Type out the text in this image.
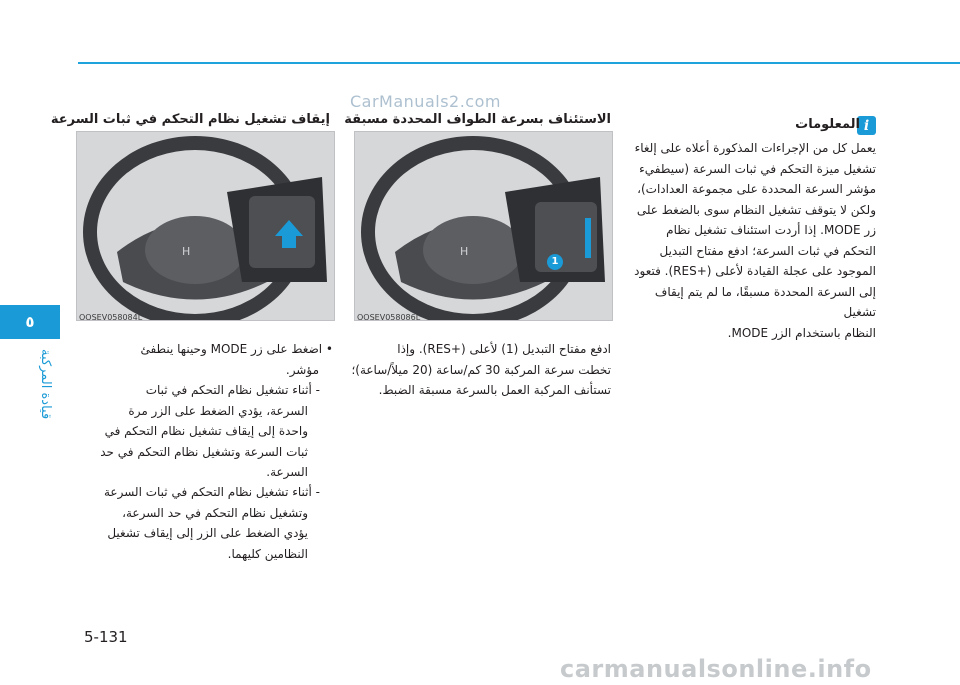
٥
قيادة المركبة
CarManuals2.com
i
المعلومات
الاستئناف بسرعة الطواف المحددة مسبقة
إيقاف تشغيل نظام التحكم في ثبات السرعة
H
OOSEV058084L
H
1
OOSEV058086L

يعمل كل من الإجراءات المذكورة أعلاه على إلغاء

تشغيل ميزة التحكم في ثبات السرعة (سيطفيء

مؤشر السرعة المحددة على مجموعة العدادات)،

ولكن لا يتوقف تشغيل النظام سوى بالضغط على

زر MODE. إذا أردت استئناف تشغيل نظام

التحكم في ثبات السرعة؛ ادفع مفتاح التبديل

الموجود على عجلة القيادة لأعلى (+RES). فتعود

إلى السرعة المحددة مسبقًا، ما لم يتم إيقاف تشغيل

النظام باستخدام الزر MODE.

ادفع مفتاح التبديل (1) لأعلى (+RES). وإذا

تخطت سرعة المركبة 30 كم/ساعة (20 ميلاً/ساعة)؛

تستأنف المركبة العمل بالسرعة مسبقة الضبط.

• اضغط على زر MODE وحينها ينطفئ

مؤشر.

- أثناء تشغيل نظام التحكم في ثبات

السرعة، يؤدي الضغط على الزر مرة

واحدة إلى إيقاف تشغيل نظام التحكم في

ثبات السرعة وتشغيل نظام التحكم في حد

السرعة.

- أثناء تشغيل نظام التحكم في ثبات السرعة

وتشغيل نظام التحكم في حد السرعة،

يؤدي الضغط على الزر إلى إيقاف تشغيل

النظامين كليهما.

5-131
carmanualsonline.info
